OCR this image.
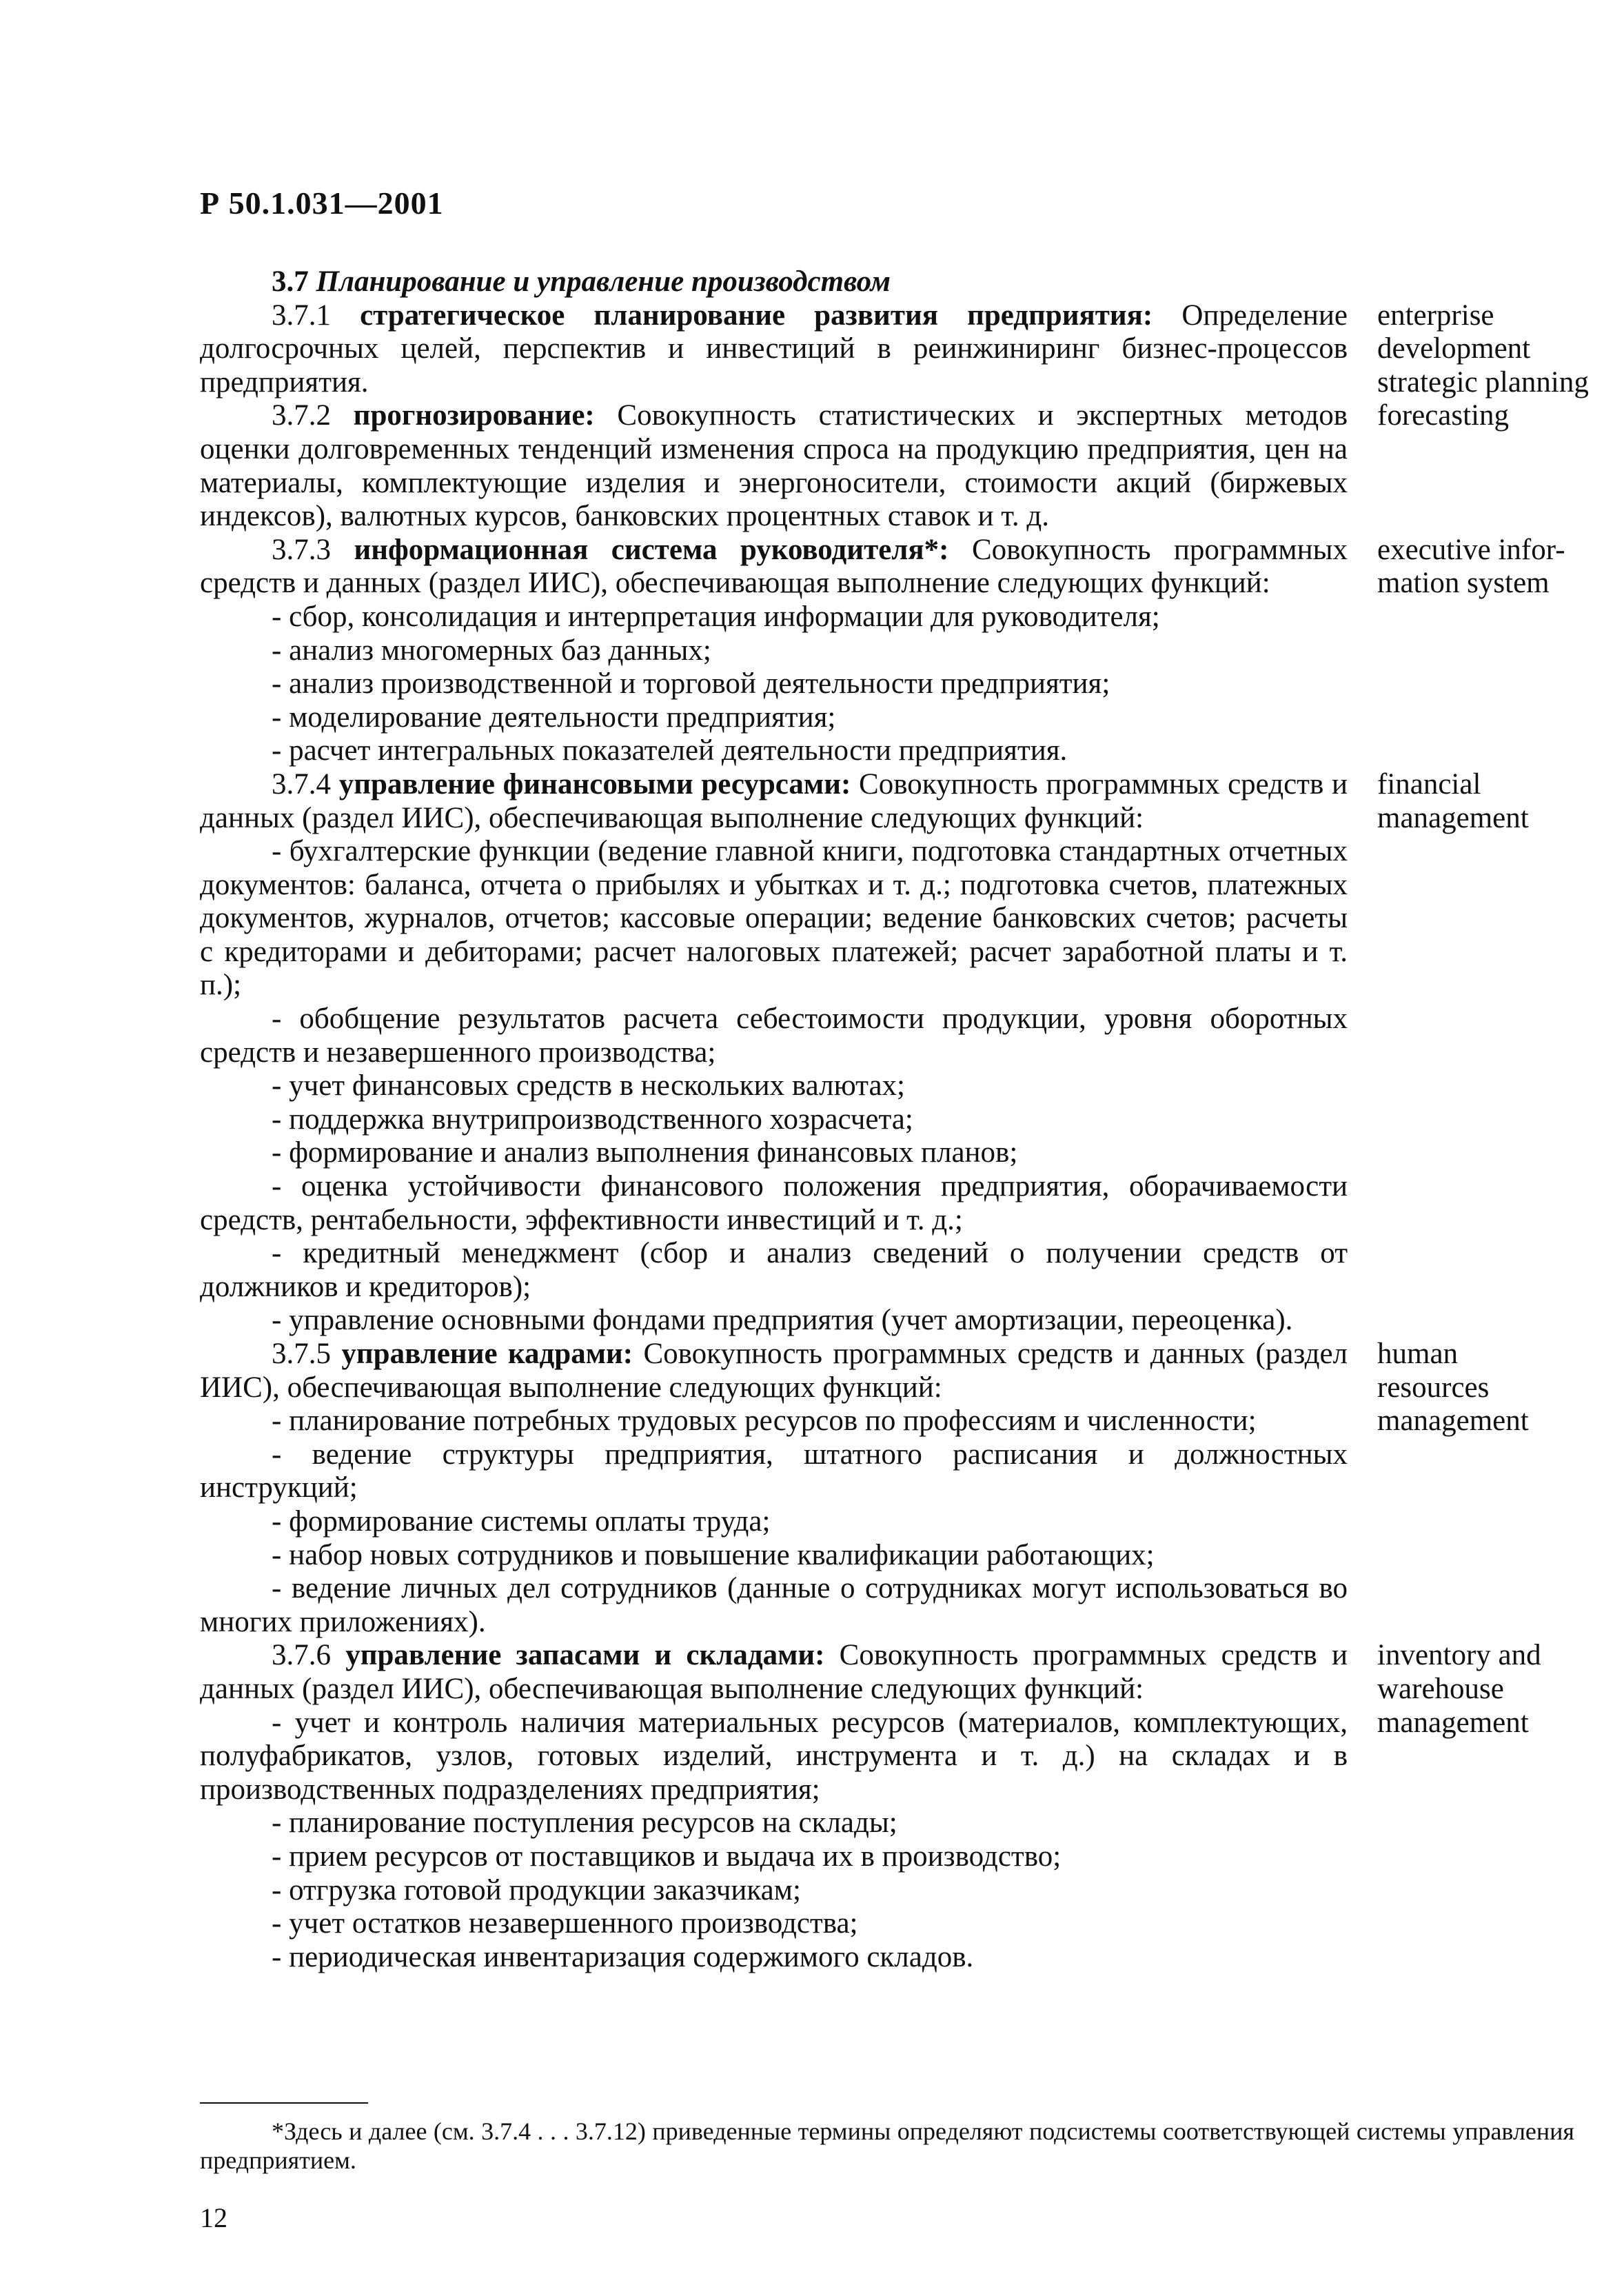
Р 50.1.031—2001

3.7 Планирование и управление производством

3.7.1 стратегическое планирование развития предприятия: Определение долгосрочных целей, перспектив и инвестиций в реинжиниринг бизнес-процессов предприятия.

3.7.2 прогнозирование: Совокупность статистических и экспертных методов оценки долговременных тенденций изменения спроса на продукцию предприятия, цен на материалы, комплектующие изделия и энергоносители, стоимости акций (биржевых индексов), валютных курсов, банковских процентных ставок и т. д.

3.7.3 информационная система руководителя*: Совокупность программных средств и данных (раздел ИИС), обеспечивающая выполнение следующих функций:

- сбор, консолидация и интерпретация информации для руководителя;

- анализ многомерных баз данных;

- анализ производственной и торговой деятельности предприятия;

- моделирование деятельности предприятия;

- расчет интегральных показателей деятельности предприятия.

3.7.4 управление финансовыми ресурсами: Совокупность программных средств и данных (раздел ИИС), обеспечивающая выполнение следующих функций:

- бухгалтерские функции (ведение главной книги, подготовка стандартных отчетных документов: баланса, отчета о прибылях и убытках и т. д.; подготовка счетов, платежных документов, журналов, отчетов; кассовые операции; ведение банковских счетов; расчеты с кредиторами и дебиторами; расчет налоговых платежей; расчет заработной платы и т. п.);

- обобщение результатов расчета себестоимости продукции, уровня оборотных средств и незавершенного производства;

- учет финансовых средств в нескольких валютах;

- поддержка внутрипроизводственного хозрасчета;

- формирование и анализ выполнения финансовых планов;

- оценка устойчивости финансового положения предприятия, оборачиваемости средств, рентабельности, эффективности инвестиций и т. д.;

- кредитный менеджмент (сбор и анализ сведений о получении средств от должников и кредиторов);

- управление основными фондами предприятия (учет амортизации, переоценка).

3.7.5 управление кадрами: Совокупность программных средств и данных (раздел ИИС), обеспечивающая выполнение следующих функций:

- планирование потребных трудовых ресурсов по профессиям и численности;

- ведение структуры предприятия, штатного расписания и должностных инструкций;

- формирование системы оплаты труда;

- набор новых сотрудников и повышение квалификации работающих;

- ведение личных дел сотрудников (данные о сотрудниках могут использоваться во многих приложениях).

3.7.6 управление запасами и складами: Совокупность программных средств и данных (раздел ИИС), обеспечивающая выполнение следующих функций:

- учет и контроль наличия материальных ресурсов (материалов, комплектующих, полуфабрикатов, узлов, готовых изделий, инструмента и т. д.) на складах и в производственных подразделениях предприятия;

- планирование поступления ресурсов на склады;

- прием ресурсов от поставщиков и выдача их в производство;

- отгрузка готовой продукции заказчикам;

- учет остатков незавершенного производства;

- периодическая инвентаризация содержимого складов.

enterprise
development
strategic planning
forecasting
executive infor-
mation system
financial
management
human
resources
management
inventory and
warehouse
management
*Здесь и далее (см. 3.7.4 . . . 3.7.12) приведенные термины определяют подсистемы соответствующей системы управления предприятием.
12
